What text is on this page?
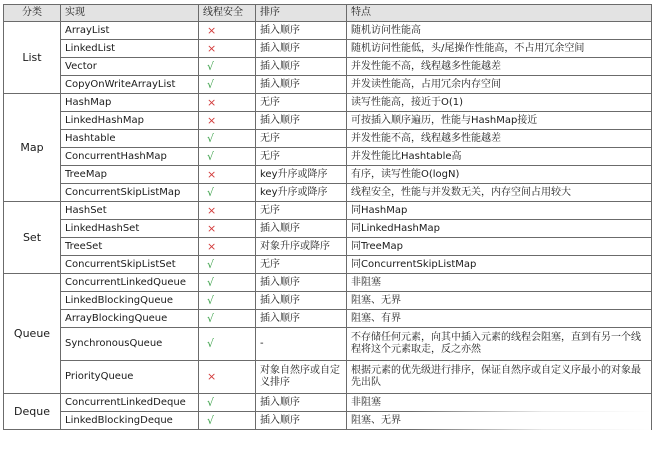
分类	实现	线程安全	排序	特点
List	ArrayList	×	插入顺序	随机访问性能高
	LinkedList	×	插入顺序	随机访问性能低，头/尾操作性能高，不占用冗余空间
	Vector	√	插入顺序	并发性能不高，线程越多性能越差
	CopyOnWriteArrayList	√	插入顺序	并发读性能高，占用冗余内存空间
Map	HashMap	×	无序	读写性能高，接近于O(1)
	LinkedHashMap	×	插入顺序	可按插入顺序遍历，性能与HashMap接近
	Hashtable	√	无序	并发性能不高，线程越多性能越差
	ConcurrentHashMap	√	无序	并发性能比Hashtable高
	TreeMap	×	key升序或降序	有序，读写性能O(logN)
	ConcurrentSkipListMap	√	key升序或降序	线程安全，性能与并发数无关，内存空间占用较大
Set	HashSet	×	无序	同HashMap
	LinkedHashSet	×	插入顺序	同LinkedHashMap
	TreeSet	×	对象升序或降序	同TreeMap
	ConcurrentSkipListSet	√	无序	同ConcurrentSkipListMap
Queue	ConcurrentLinkedQueue	√	插入顺序	非阻塞
	LinkedBlockingQueue	√	插入顺序	阻塞、无界
	ArrayBlockingQueue	√	插入顺序	阻塞、有界
	SynchronousQueue	√	-	不存储任何元素，向其中插入元素的线程会阻塞，直到有另一个线程将这个元素取走，反之亦然
	PriorityQueue	×	对象自然序或自定义排序	根据元素的优先级进行排序，保证自然序或自定义序最小的对象最先出队
Deque	ConcurrentLinkedDeque	√	插入顺序	非阻塞
	LinkedBlockingDeque	√	插入顺序	阻塞、无界
